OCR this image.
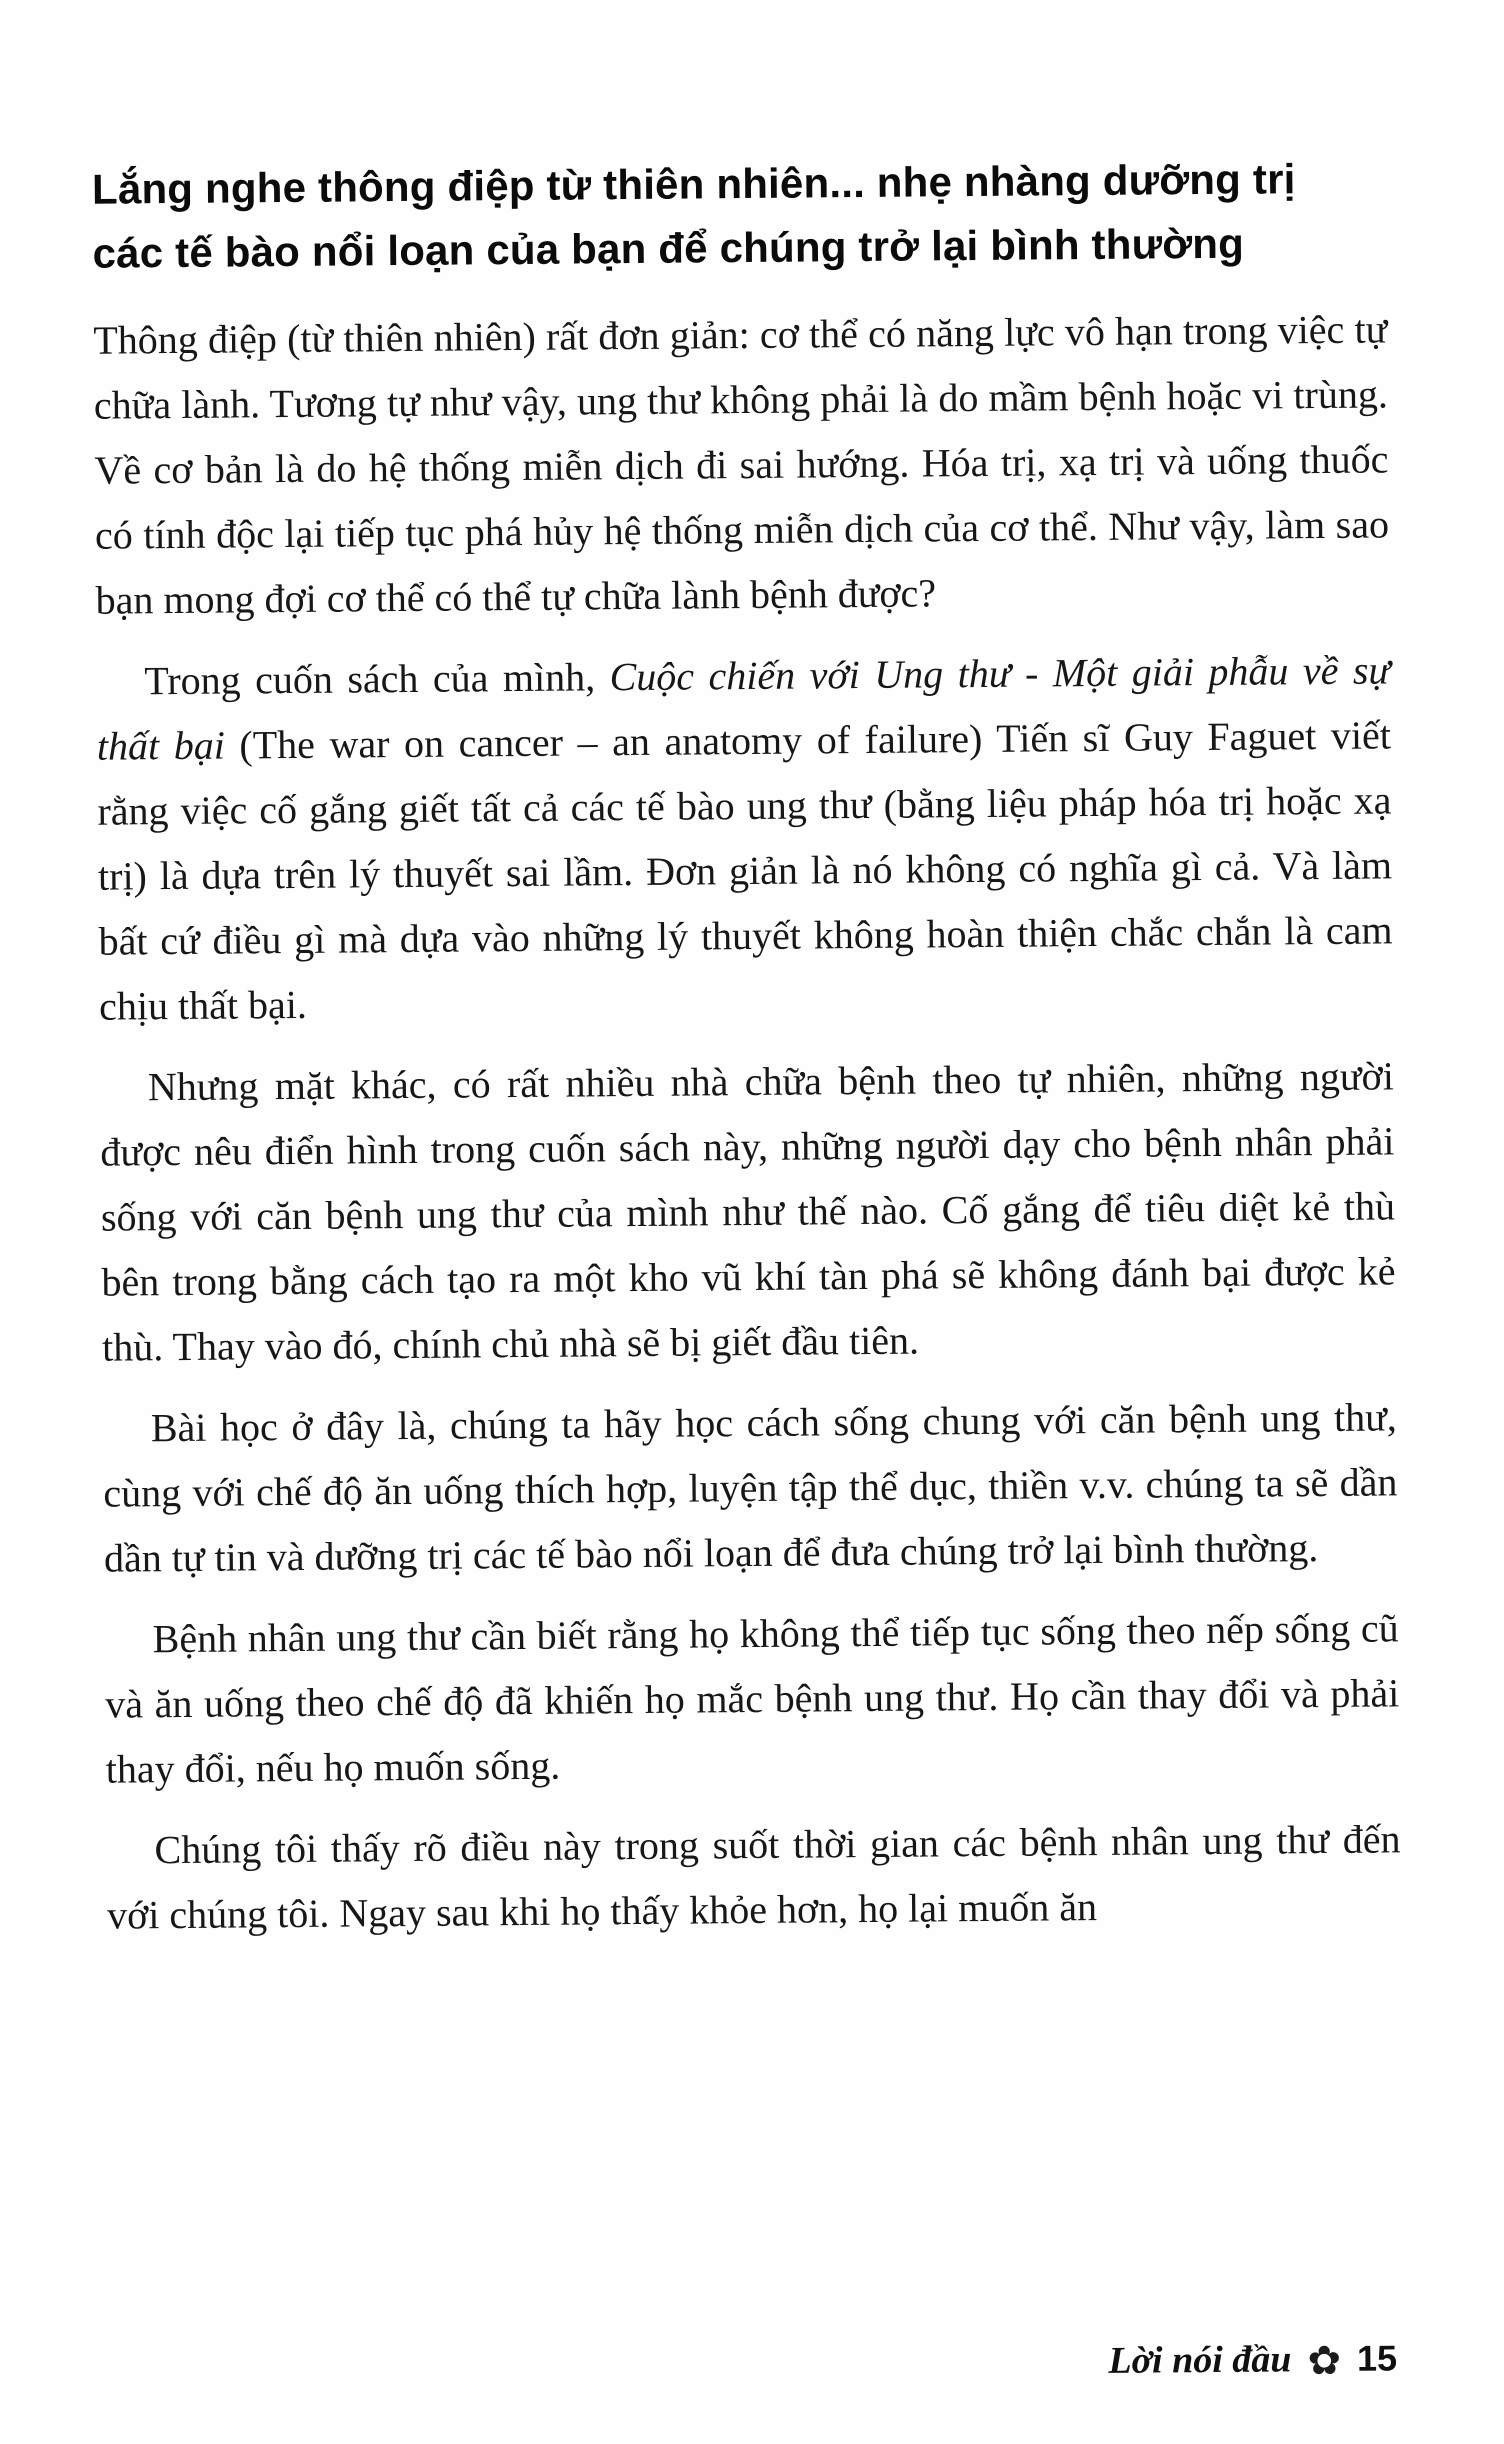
Lắng nghe thông điệp từ thiên nhiên... nhẹ nhàng dưỡng trị
các tế bào nổi loạn của bạn để chúng trở lại bình thường

Thông điệp (từ thiên nhiên) rất đơn giản: cơ thể có năng lực vô hạn trong việc tự chữa lành. Tương tự như vậy, ung thư không phải là do mầm bệnh hoặc vi trùng. Về cơ bản là do hệ thống miễn dịch đi sai hướng. Hóa trị, xạ trị và uống thuốc có tính độc lại tiếp tục phá hủy hệ thống miễn dịch của cơ thể. Như vậy, làm sao bạn mong đợi cơ thể có thể tự chữa lành bệnh được?

Trong cuốn sách của mình, Cuộc chiến với Ung thư - Một giải phẫu về sự thất bại (The war on cancer – an anatomy of failure) Tiến sĩ Guy Faguet viết rằng việc cố gắng giết tất cả các tế bào ung thư (bằng liệu pháp hóa trị hoặc xạ trị) là dựa trên lý thuyết sai lầm. Đơn giản là nó không có nghĩa gì cả. Và làm bất cứ điều gì mà dựa vào những lý thuyết không hoàn thiện chắc chắn là cam chịu thất bại.

Nhưng mặt khác, có rất nhiều nhà chữa bệnh theo tự nhiên, những người được nêu điển hình trong cuốn sách này, những người dạy cho bệnh nhân phải sống với căn bệnh ung thư của mình như thế nào. Cố gắng để tiêu diệt kẻ thù bên trong bằng cách tạo ra một kho vũ khí tàn phá sẽ không đánh bại được kẻ thù. Thay vào đó, chính chủ nhà sẽ bị giết đầu tiên.

Bài học ở đây là, chúng ta hãy học cách sống chung với căn bệnh ung thư, cùng với chế độ ăn uống thích hợp, luyện tập thể dục, thiền v.v. chúng ta sẽ dần dần tự tin và dưỡng trị các tế bào nổi loạn để đưa chúng trở lại bình thường.

Bệnh nhân ung thư cần biết rằng họ không thể tiếp tục sống theo nếp sống cũ và ăn uống theo chế độ đã khiến họ mắc bệnh ung thư. Họ cần thay đổi và phải thay đổi, nếu họ muốn sống.

Chúng tôi thấy rõ điều này trong suốt thời gian các bệnh nhân ung thư đến với chúng tôi. Ngay sau khi họ thấy khỏe hơn, họ lại muốn ăn

Lời nói đầu ✿ 15
